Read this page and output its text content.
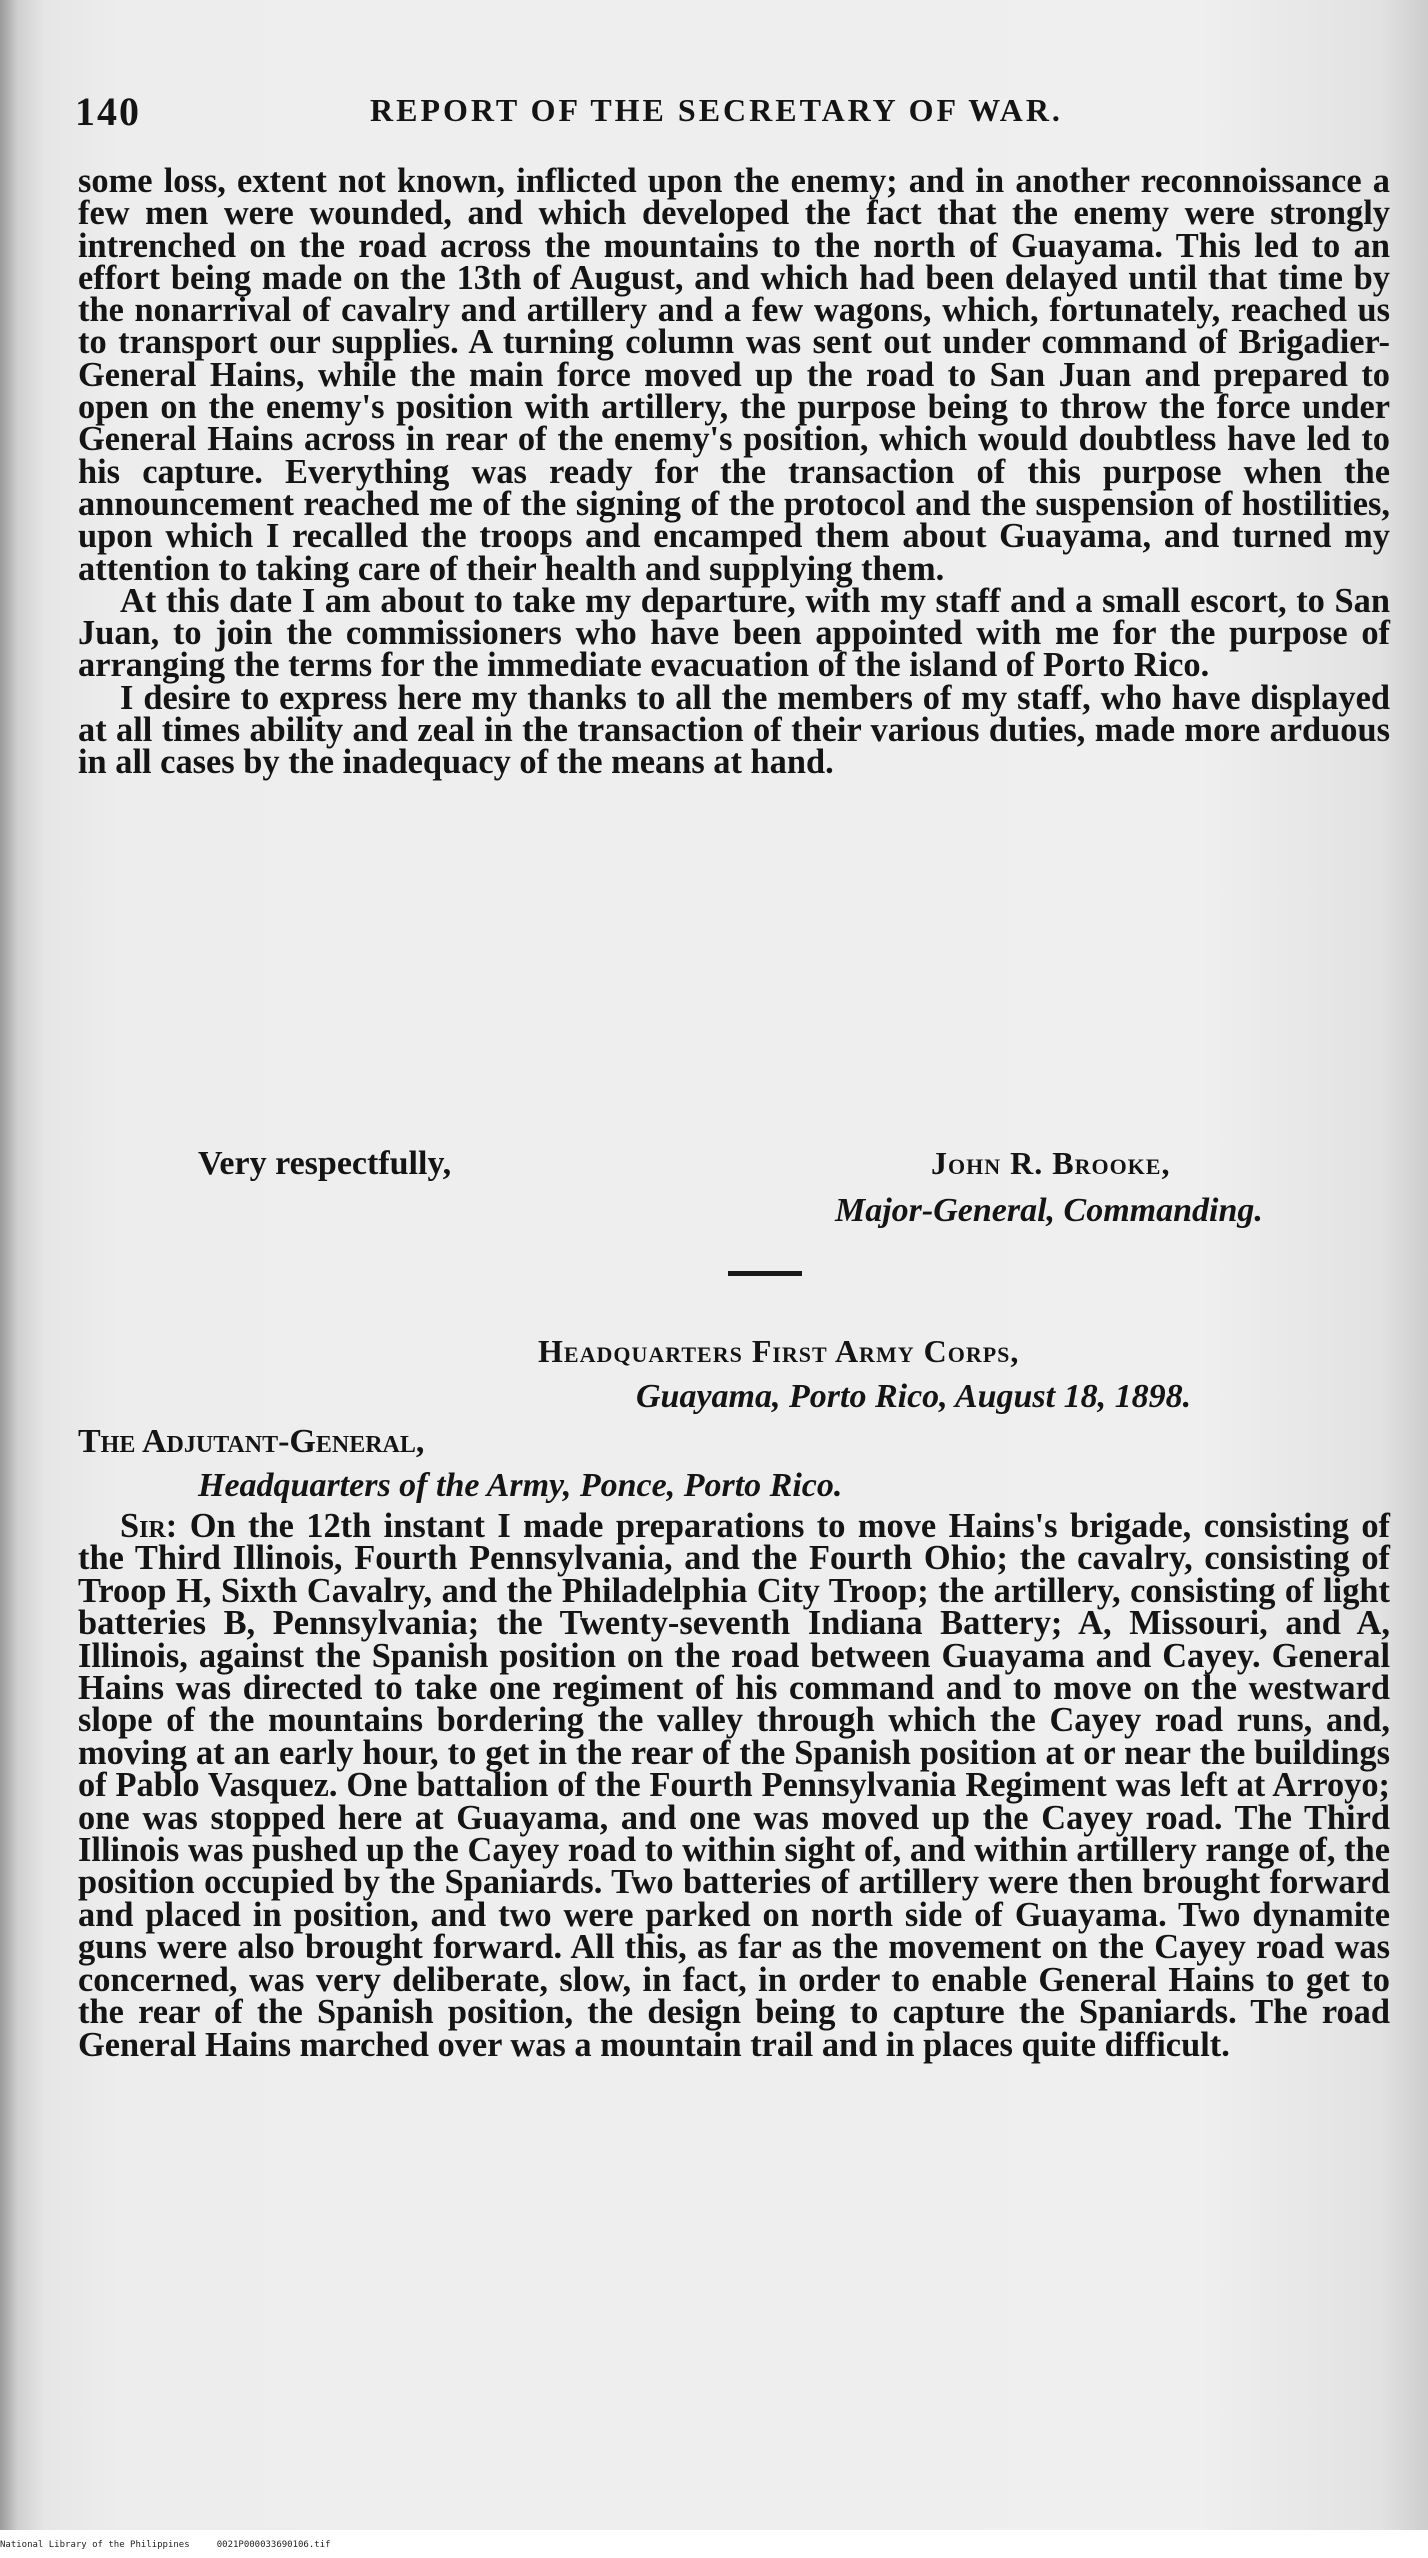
140	REPORT OF THE SECRETARY OF WAR.

some loss, extent not known, inflicted upon the enemy; and in another reconnoissance a few men were wounded, and which developed the fact that the enemy were strongly intrenched on the road across the mountains to the north of Guayama. This led to an effort being made on the 13th of August, and which had been delayed until that time by the nonarrival of cavalry and artillery and a few wagons, which, fortunately, reached us to transport our supplies. A turning column was sent out under command of Brigadier-General Hains, while the main force moved up the road to San Juan and prepared to open on the enemy's position with artillery, the purpose being to throw the force under General Hains across in rear of the enemy's position, which would doubtless have led to his capture. Everything was ready for the transaction of this purpose when the announcement reached me of the signing of the protocol and the suspension of hostilities, upon which I recalled the troops and encamped them about Guayama, and turned my attention to taking care of their health and supplying them.

At this date I am about to take my departure, with my staff and a small escort, to San Juan, to join the commissioners who have been appointed with me for the purpose of arranging the terms for the immediate evacuation of the island of Porto Rico.

I desire to express here my thanks to all the members of my staff, who have displayed at all times ability and zeal in the transaction of their various duties, made more arduous in all cases by the inadequacy of the means at hand.

Very respectfully,	John R. Brooke,
Major-General, Commanding.
Headquarters First Army Corps,
Guayama, Porto Rico, August 18, 1898.
The Adjutant-General,
Headquarters of the Army, Ponce, Porto Rico.

Sir: On the 12th instant I made preparations to move Hains's brigade, consisting of the Third Illinois, Fourth Pennsylvania, and the Fourth Ohio; the cavalry, consisting of Troop H, Sixth Cavalry, and the Philadelphia City Troop; the artillery, consisting of light batteries B, Pennsylvania; the Twenty-seventh Indiana Battery; A, Missouri, and A, Illinois, against the Spanish position on the road between Guayama and Cayey. General Hains was directed to take one regiment of his command and to move on the westward slope of the mountains bordering the valley through which the Cayey road runs, and, moving at an early hour, to get in the rear of the Spanish position at or near the buildings of Pablo Vasquez. One battalion of the Fourth Pennsylvania Regiment was left at Arroyo; one was stopped here at Guayama, and one was moved up the Cayey road. The Third Illinois was pushed up the Cayey road to within sight of, and within artillery range of, the position occupied by the Spaniards. Two batteries of artillery were then brought forward and placed in position, and two were parked on north side of Guayama. Two dynamite guns were also brought forward. All this, as far as the movement on the Cayey road was concerned, was very deliberate, slow, in fact, in order to enable General Hains to get to the rear of the Spanish position, the design being to capture the Spaniards. The road General Hains marched over was a mountain trail and in places quite difficult.

National Library of the Philippines     0021P000033690106.tif
